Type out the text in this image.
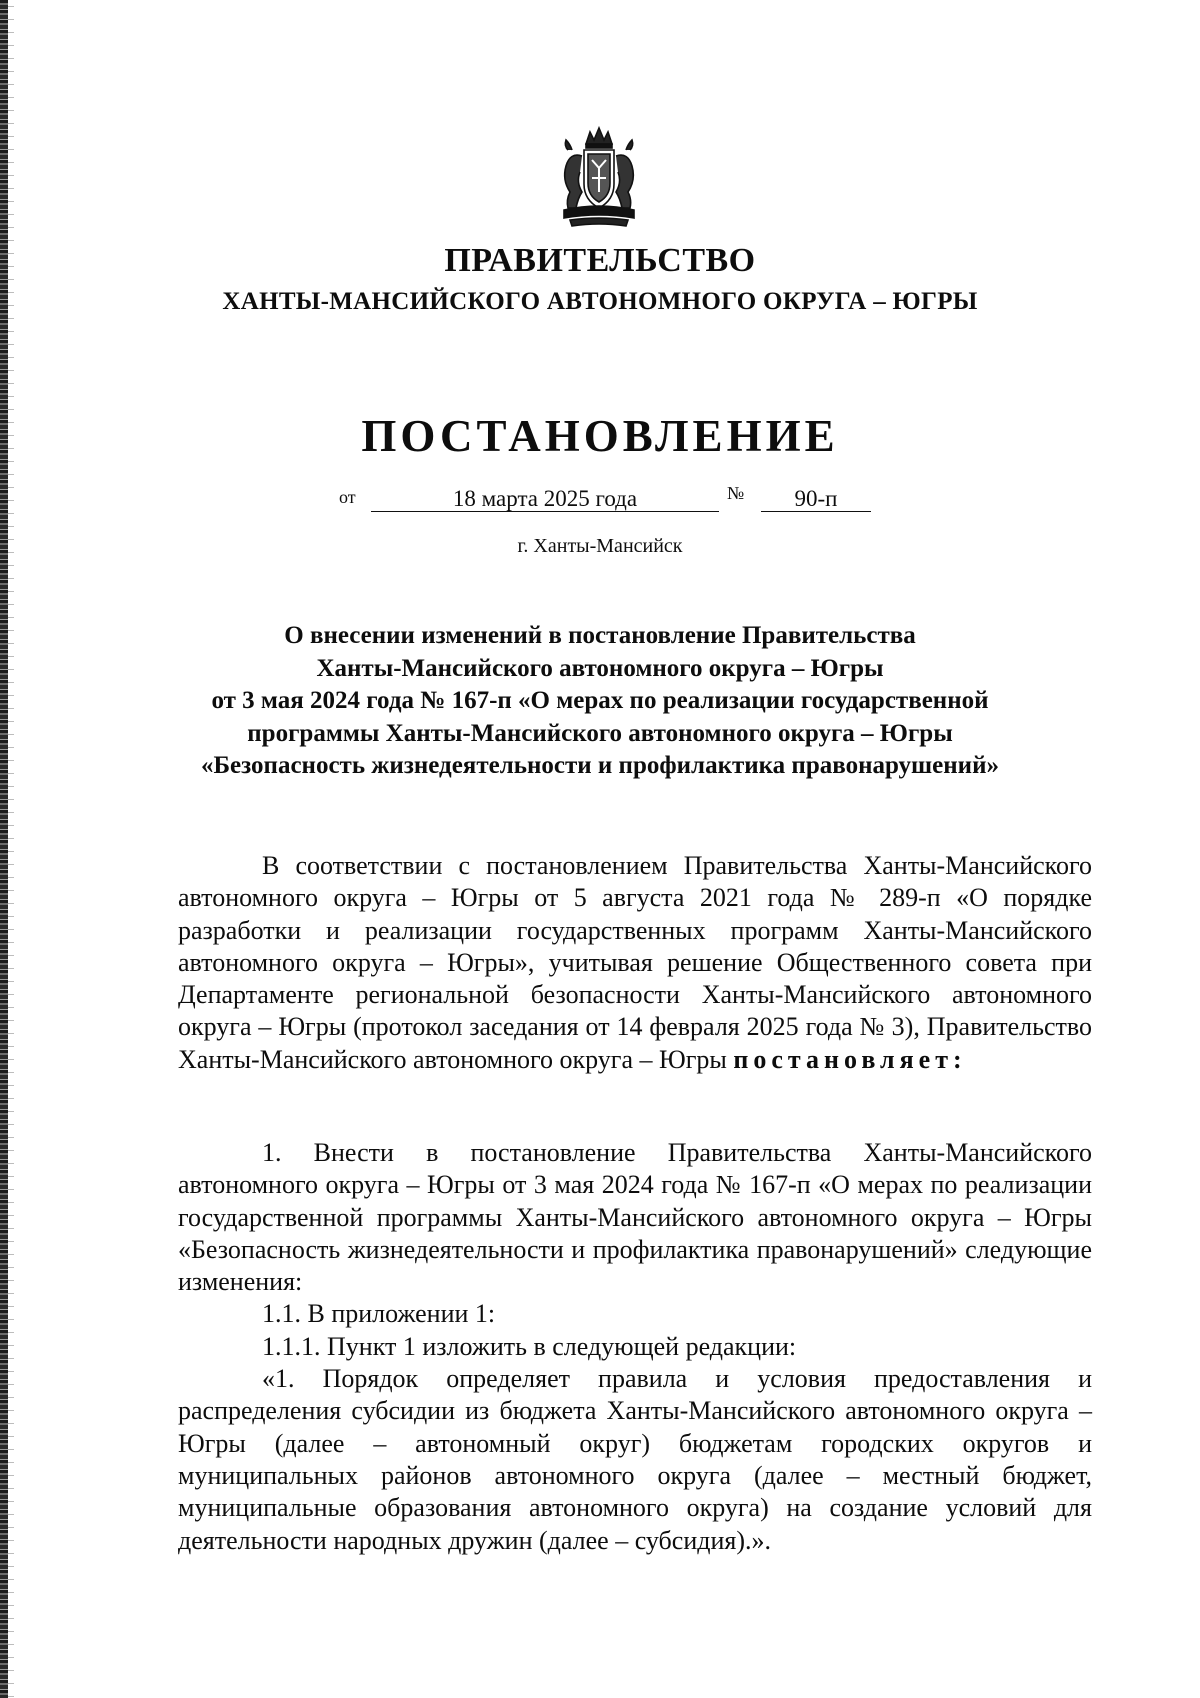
ПРАВИТЕЛЬСТВО
ХАНТЫ-МАНСИЙСКОГО АВТОНОМНОГО ОКРУГА – ЮГРЫ
ПОСТАНОВЛЕНИЕ
от	18 марта 2025 года	№	90-п
г. Ханты-Мансийск
О внесении изменений в постановление Правительства
Ханты-Мансийского автономного округа – Югры
от 3 мая 2024 года № 167-п «О мерах по реализации государственной
программы Ханты-Мансийского автономного округа – Югры
«Безопасность жизнедеятельности и профилактика правонарушений»

В соответствии с постановлением Правительства Ханты-Мансийского автономного округа – Югры от 5 августа 2021 года № 289-п «О порядке разработки и реализации государственных программ Ханты-Мансийского автономного округа – Югры», учитывая решение Общественного совета при Департаменте региональной безопасности Ханты-Мансийского автономного округа – Югры (протокол заседания от 14 февраля 2025 года № 3), Правительство Ханты-Мансийского автономного округа – Югры постановляет:

1. Внести в постановление Правительства Ханты-Мансийского автономного округа – Югры от 3 мая 2024 года № 167-п «О мерах по реализации государственной программы Ханты-Мансийского автономного округа – Югры «Безопасность жизнедеятельности и профилактика правонарушений» следующие изменения:

1.1. В приложении 1:

1.1.1. Пункт 1 изложить в следующей редакции:

«1. Порядок определяет правила и условия предоставления и распределения субсидии из бюджета Ханты-Мансийского автономного округа – Югры (далее – автономный округ) бюджетам городских округов и муниципальных районов автономного округа (далее – местный бюджет, муниципальные образования автономного округа) на создание условий для деятельности народных дружин (далее – субсидия).».
